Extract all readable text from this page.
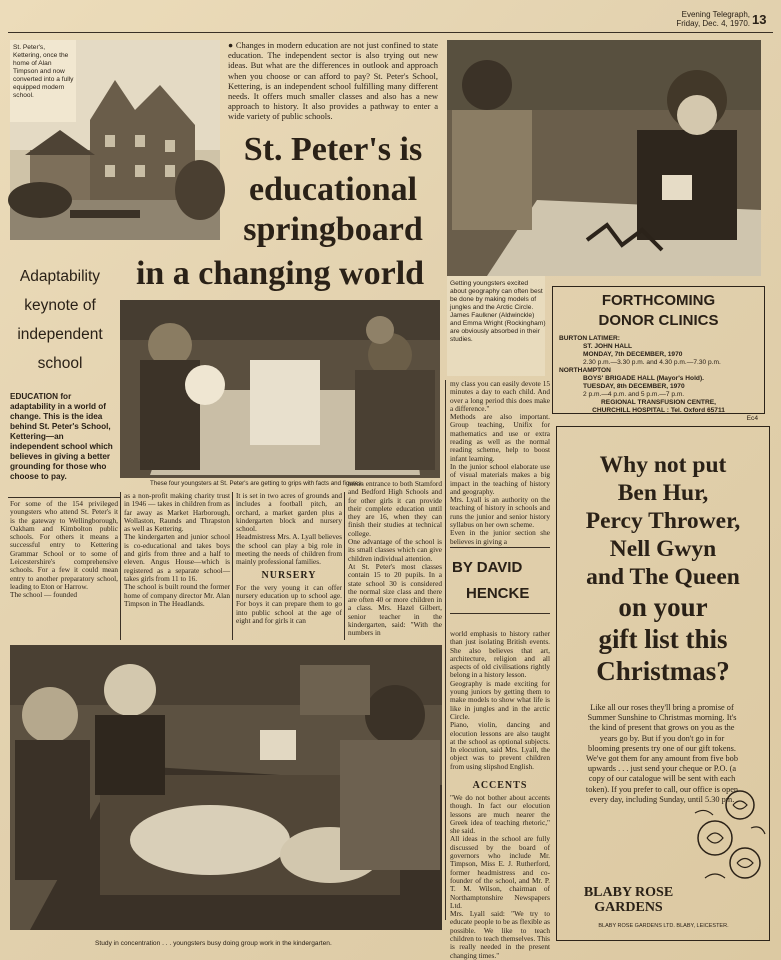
Evening Telegraph,
Friday, Dec. 4, 1970. 13
St. Peter's, Kettering, once the home of Alan Timpson and now converted into a fully equipped modern school.
● Changes in modern education are not just confined to state education. The independent sector is also trying out new ideas. But what are the differences in outlook and approach when you choose or can afford to pay? St. Peter's School, Kettering, is an independent school fulfilling many different needs. It offers much smaller classes and also has a new approach to history. It also provides a pathway to enter a wide variety of public schools.
St. Peter's is
educational
springboard
in a changing world
Adaptability
keynote of
independent
school
EDUCATION for adaptability in a world of change. This is the idea behind St. Peter's School, Kettering—an independent school which believes in giving a better grounding for those who choose to pay.
These four youngsters at St. Peter's are getting to grips with facts and figures.
Getting youngsters excited about geography can often best be done by making models of jungles and the Arctic Circle. James Faulkner (Aldwinckle) and Emma Wright (Rockingham) are obviously absorbed in their studies.
FORTHCOMING
DONOR CLINICS
BURTON LATIMER:
ST. JOHN HALL
MONDAY, 7th DECEMBER, 1970
2.30 p.m.—3.30 p.m. and 4.30 p.m.—7.30 p.m.
NORTHAMPTON
BOYS' BRIGADE HALL (Mayor's Hold).
TUESDAY, 8th DECEMBER, 1970
2 p.m.—4 p.m. and 5 p.m.—7 p.m.
REGIONAL TRANSFUSION CENTRE,
CHURCHILL HOSPITAL : Tel. Oxford 65711
Ec4
For some of the 154 privileged youngsters who attend St. Peter's it is the gateway to Wellingborough, Oakham and Kimbolton public schools. For others it means a successful entry to Kettering Grammar School or to some of Leicestershire's comprehensive schools. For a few it could mean entry to another preparatory school, leading to Eton or Harrow.
The school — founded
as a non-profit making charity trust in 1946 — takes in children from as far away as Market Harborough, Wollaston, Raunds and Thrapston as well as Kettering.
The kindergarten and junior school is co-educational and takes boys and girls from three and a half to eleven. Angus House—which is registered as a separate school—takes girls from 11 to 16.
The school is built round the former home of company director Mr. Alan Timpson in The Headlands.
It is set in two acres of grounds and includes a football pitch, an orchard, a market garden plus a kindergarten block and nursery school.
Headmistress Mrs. A. Lyall believes the school can play a big role in meeting the needs of children from mainly professional families.
NURSERY
For the very young it can offer nursery education up to school age. For boys it can prepare them to go into public school at the age of eight and for girls it can
mean entrance to both Stamford and Bedford High Schools and for other girls it can provide their complete education until they are 16, when they can finish their studies at technical college.
One advantage of the school is its small classes which can give children individual attention.
At St. Peter's most classes contain 15 to 20 pupils. In a state school 30 is considered the normal size class and there are often 40 or more children in a class. Mrs. Hazel Gilbert, senior teacher in the kindergarten, said: "With the numbers in
my class you can easily devote 15 minutes a day to each child. And over a long period this does make a difference."
Methods are also important. Group teaching, Unifix for mathematics and use or extra reading as well as the normal reading scheme, help to boost infant learning.
In the junior school elaborate use of visual materials makes a big impact in the teaching of history and geography.
Mrs. Lyall is an authority on the teaching of history in schools and runs the junior and senior history syllabus on her own scheme.
Even in the junior section she believes in giving a
BY DAVID
HENCKE
world emphasis to history rather than just isolating British events. She also believes that art, architecture, religion and all aspects of old civilisations rightly belong in a history lesson.
Geography is made exciting for young juniors by getting them to make models to show what life is like in jungles and in the arctic Circle.
Piano, violin, dancing and elocution lessons are also taught at the school as optional subjects. In elocution, said Mrs. Lyall, the object was to prevent children from using slipshod English.
ACCENTS
"We do not bother about accents though. In fact our elocution lessons are much nearer the Greek idea of teaching rhetoric," she said.
All ideas in the school are fully discussed by the board of governors who include Mr. Timpson, Miss E. J. Rutherford, former headmistress and co-founder of the school, and Mr. P. T. M. Wilson, chairman of Northamptonshire Newspapers Ltd.
Mrs. Lyall said: "We try to educate people to be as flexible as possible. We like to teach children to teach themselves. This is really needed in the present changing times."
Study in concentration . . . youngsters busy doing group work in the kindergarten.
Why not put
Ben Hur,
Percy Thrower,
Nell Gwyn
and The Queen
on your
gift list this
Christmas?
Like all our roses they'll bring a promise of Summer Sunshine to Christmas morning. It's the kind of present that grows on you as the years go by. But if you don't go in for blooming presents try one of our gift tokens. We've got them for any amount from five bob upwards . . . just send your cheque or P.O. (a copy of our catalogue will be sent with each token). If you prefer to call, our office is open every day, including Sunday, until 5.30 pm.
BLABY ROSE
GARDENS
BLABY ROSE GARDENS LTD. BLABY, LEICESTER.
